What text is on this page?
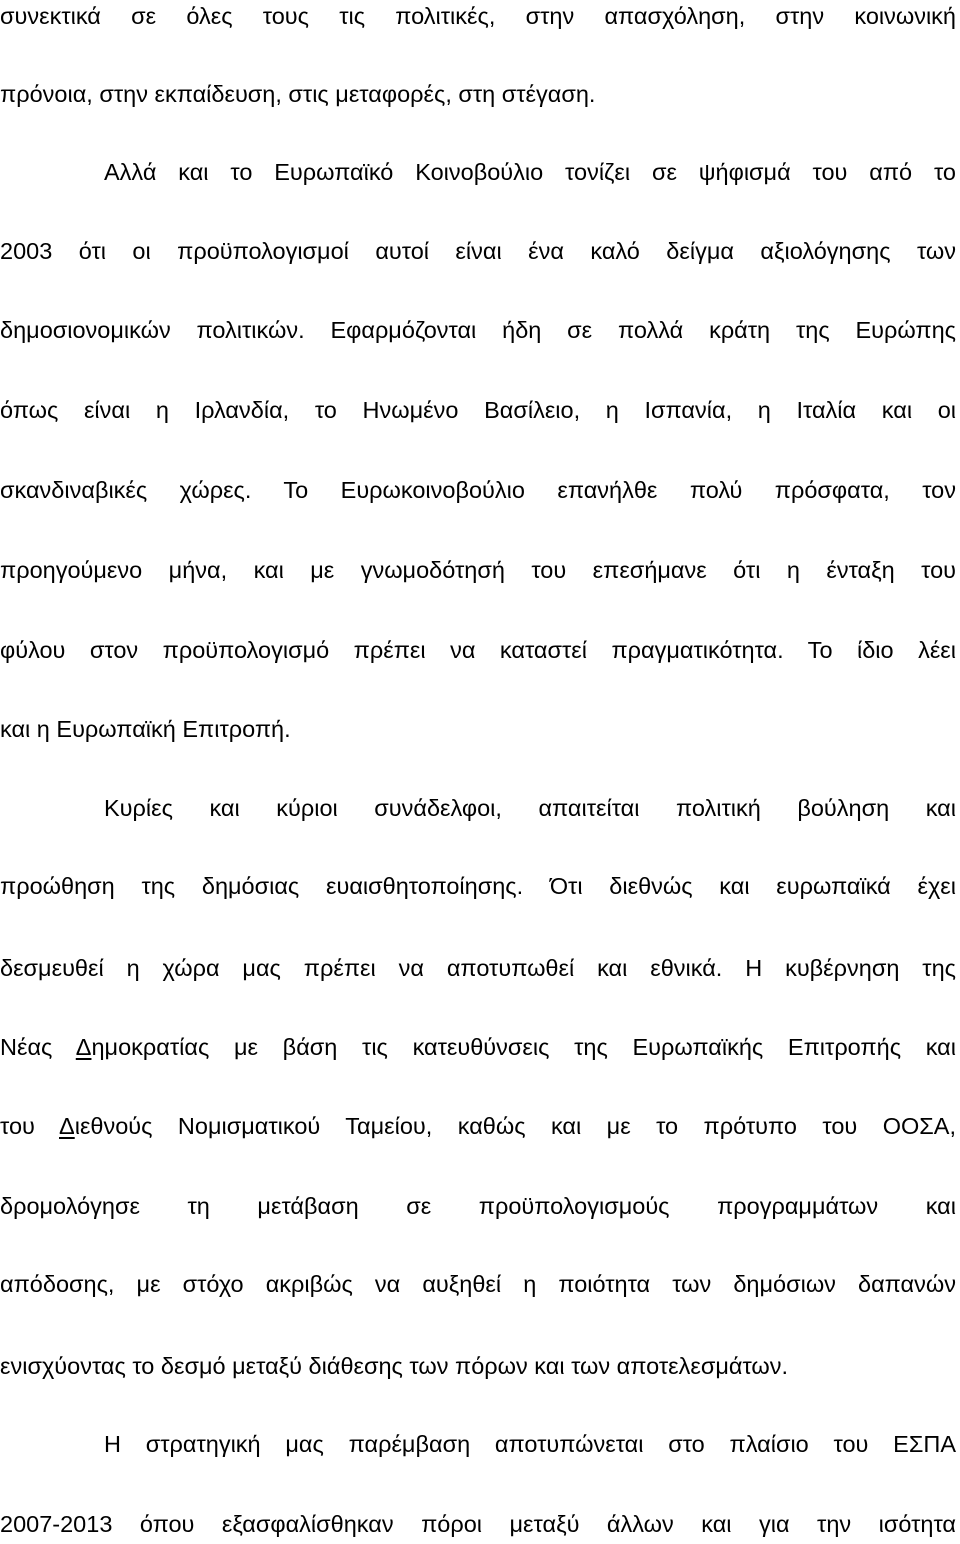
συνεκτικά σε όλες τους τις πολιτικές, στην απασχόληση, στην κοινωνική
πρόνοια, στην εκπαίδευση, στις μεταφορές, στη στέγαση.
Αλλά και το Ευρωπαϊκό Κοινοβούλιο τονίζει σε ψήφισμά του από το
2003 ότι οι προϋπολογισμοί αυτοί είναι ένα καλό δείγμα αξιολόγησης των
δημοσιονομικών πολιτικών. Εφαρμόζονται ήδη σε πολλά κράτη της Ευρώπης
όπως είναι η Ιρλανδία, το Ηνωμένο Βασίλειο, η Ισπανία, η Ιταλία και οι
σκανδιναβικές χώρες. Το Ευρωκοινοβούλιο επανήλθε πολύ πρόσφατα, τον
προηγούμενο μήνα, και με γνωμοδότησή του επεσήμανε ότι η ένταξη του
φύλου στον προϋπολογισμό πρέπει να καταστεί πραγματικότητα. Το ίδιο λέει
και η Ευρωπαϊκή Επιτροπή.
Κυρίες και κύριοι συνάδελφοι, απαιτείται πολιτική βούληση και
προώθηση της δημόσιας ευαισθητοποίησης. Ότι διεθνώς και ευρωπαϊκά έχει
δεσμευθεί η χώρα μας πρέπει να αποτυπωθεί και εθνικά. Η κυβέρνηση της
Νέας Δημοκρατίας με βάση τις κατευθύνσεις της Ευρωπαϊκής Επιτροπής και
του Διεθνούς Νομισματικού Ταμείου, καθώς και με το πρότυπο του ΟΟΣΑ,
δρομολόγησε τη μετάβαση σε προϋπολογισμούς προγραμμάτων και
απόδοσης, με στόχο ακριβώς να αυξηθεί η ποιότητα των δημόσιων δαπανών
ενισχύοντας το δεσμό μεταξύ διάθεσης των πόρων και των αποτελεσμάτων.
Η στρατηγική μας παρέμβαση αποτυπώνεται στο πλαίσιο του ΕΣΠΑ
2007-2013 όπου εξασφαλίσθηκαν πόροι μεταξύ άλλων και για την ισότητα
